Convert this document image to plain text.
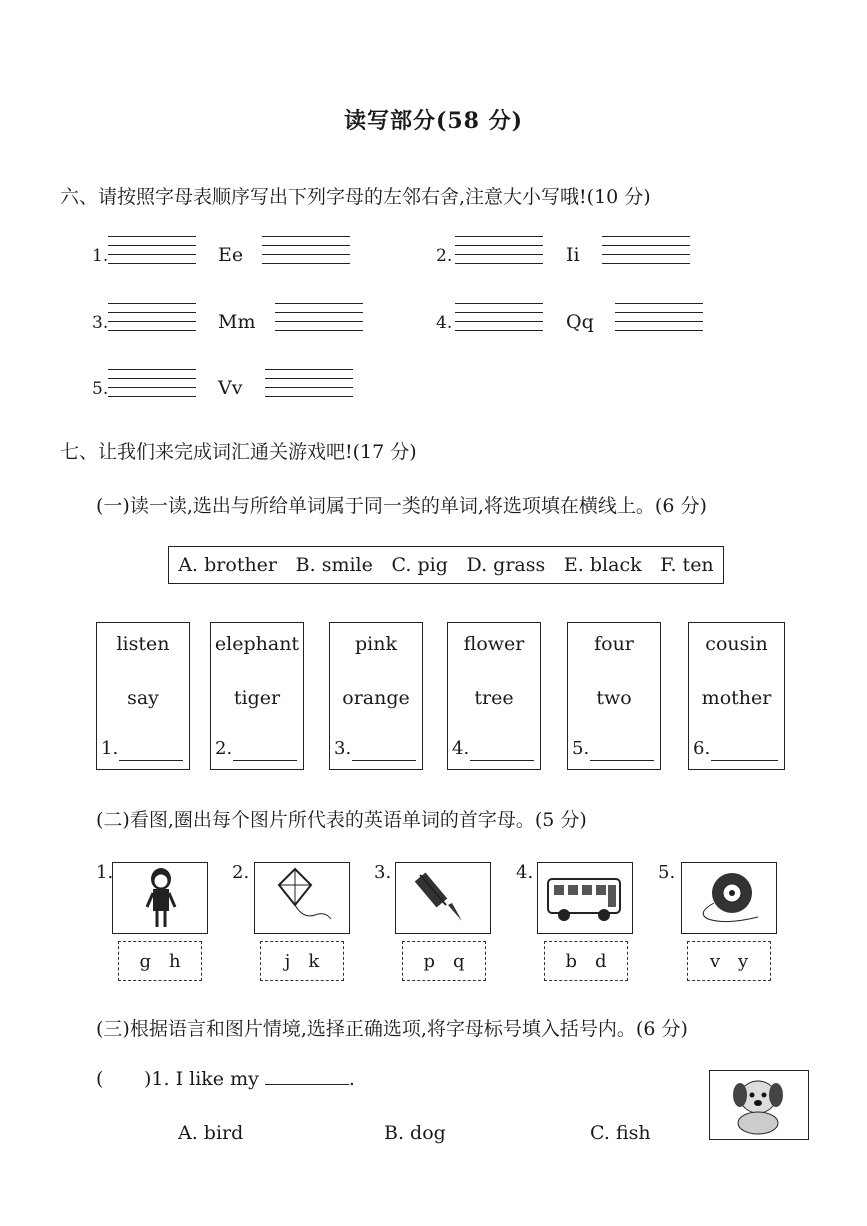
读写部分(58 分)
六、请按照字母表顺序写出下列字母的左邻右舍,注意大小写哦!(10 分)
1.	Ee	2.	Ii
3.	Mm	4.	Qq
5.	Vv
七、让我们来完成词汇通关游戏吧!(17 分)
(一)读一读,选出与所给单词属于同一类的单词,将选项填在横线上。(6 分)
A. brother B. smile C. pig D. grass E. black F. ten
listen
say
1.
elephant
tiger
2.
pink
orange
3.
flower
tree
4.
four
two
5.
cousin
mother
6.
(二)看图,圈出每个图片所代表的英语单词的首字母。(5 分)
1.
g h
2.
j k
3.
p q
4.
b d
5.
v y
(三)根据语言和图片情境,选择正确选项,将字母标号填入括号内。(6 分)
( )1. I like my	.
A. bird	B. dog	C. fish
